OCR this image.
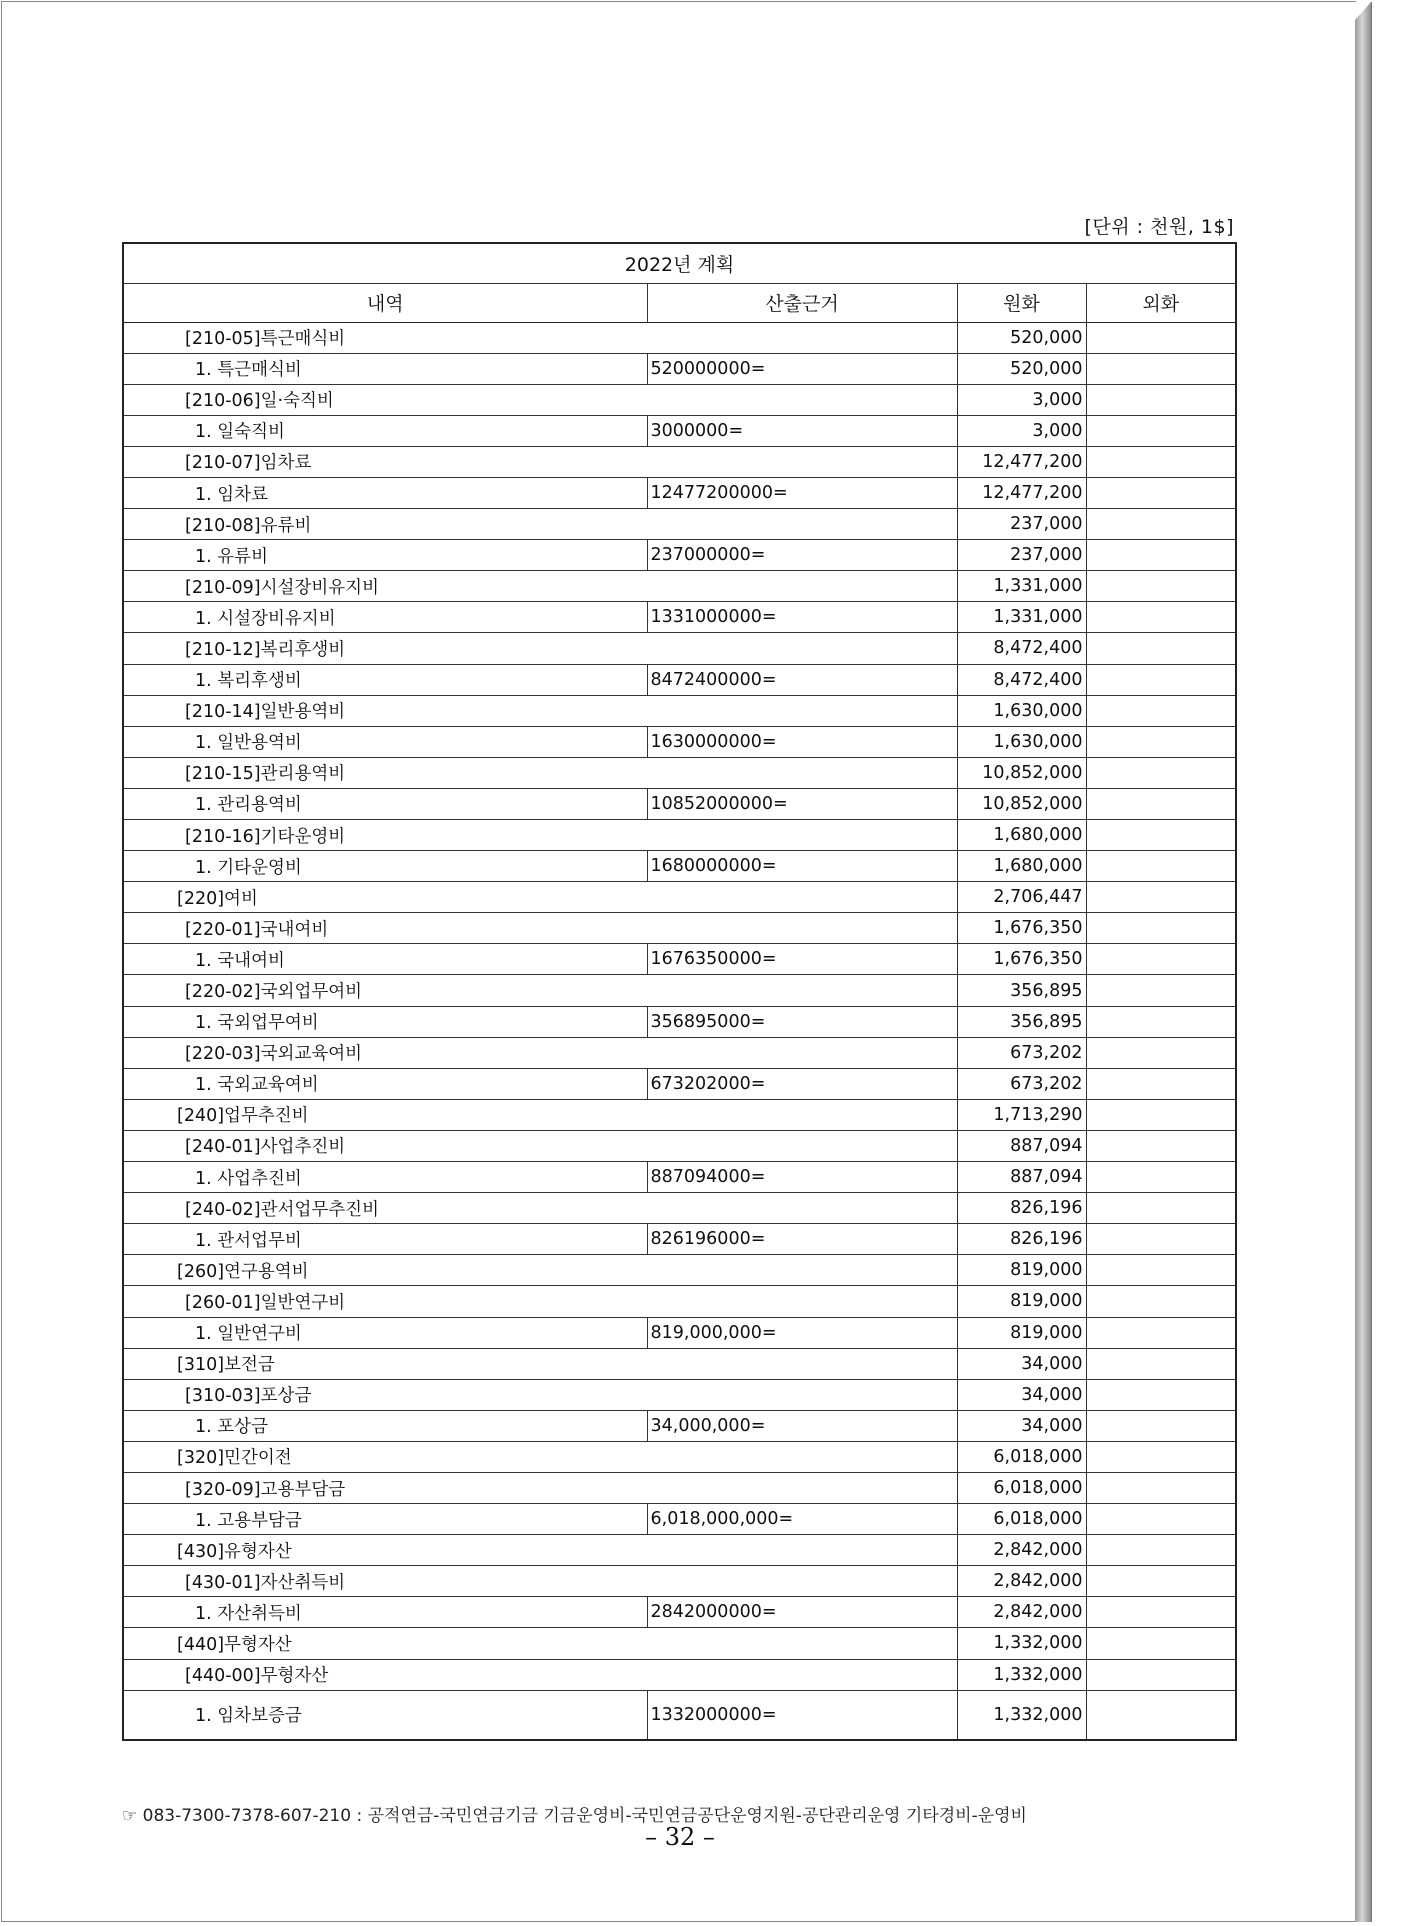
[단위 : 천원, 1$]
2022년 계획			
내역	산출근거	원화	외화
[210-05]특근매식비		520,000	
1. 특근매식비	520000000=	520,000	
[210-06]일·숙직비		3,000	
1. 일숙직비	3000000=	3,000	
[210-07]임차료		12,477,200	
1. 임차료	12477200000=	12,477,200	
[210-08]유류비		237,000	
1. 유류비	237000000=	237,000	
[210-09]시설장비유지비		1,331,000	
1. 시설장비유지비	1331000000=	1,331,000	
[210-12]복리후생비		8,472,400	
1. 복리후생비	8472400000=	8,472,400	
[210-14]일반용역비		1,630,000	
1. 일반용역비	1630000000=	1,630,000	
[210-15]관리용역비		10,852,000	
1. 관리용역비	10852000000=	10,852,000	
[210-16]기타운영비		1,680,000	
1. 기타운영비	1680000000=	1,680,000	
[220]여비		2,706,447	
[220-01]국내여비		1,676,350	
1. 국내여비	1676350000=	1,676,350	
[220-02]국외업무여비		356,895	
1. 국외업무여비	356895000=	356,895	
[220-03]국외교육여비		673,202	
1. 국외교육여비	673202000=	673,202	
[240]업무추진비		1,713,290	
[240-01]사업추진비		887,094	
1. 사업추진비	887094000=	887,094	
[240-02]관서업무추진비		826,196	
1. 관서업무비	826196000=	826,196	
[260]연구용역비		819,000	
[260-01]일반연구비		819,000	
1. 일반연구비	819,000,000=	819,000	
[310]보전금		34,000	
[310-03]포상금		34,000	
1. 포상금	34,000,000=	34,000	
[320]민간이전		6,018,000	
[320-09]고용부담금		6,018,000	
1. 고용부담금	6,018,000,000=	6,018,000	
[430]유형자산		2,842,000	
[430-01]자산취득비		2,842,000	
1. 자산취득비	2842000000=	2,842,000	
[440]무형자산		1,332,000	
[440-00]무형자산		1,332,000	
1. 임차보증금	1332000000=	1,332,000	
☞ 083-7300-7378-607-210 : 공적연금-국민연금기금 기금운영비-국민연금공단운영지원-공단관리운영 기타경비-운영비
– 32 –
